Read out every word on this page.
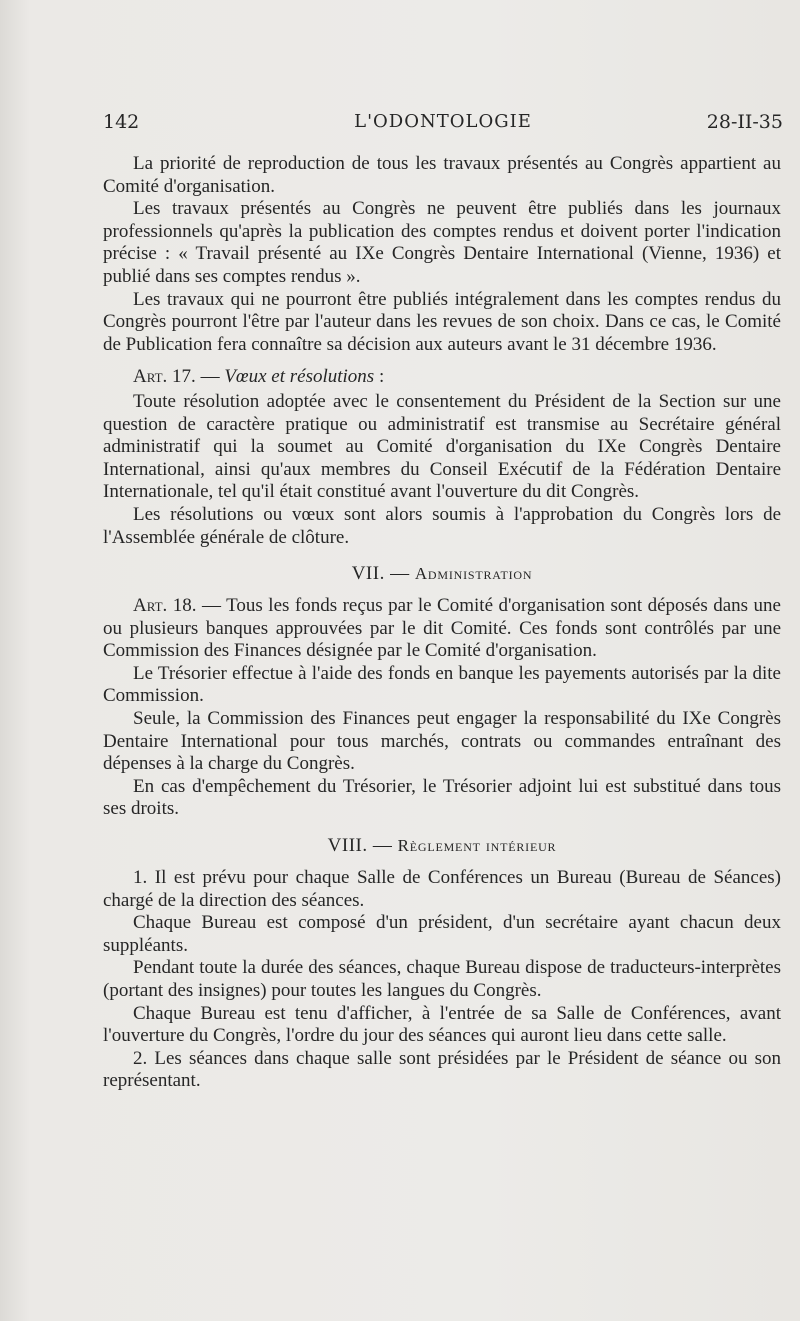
142	L'ODONTOLOGIE	28-II-35

La priorité de reproduction de tous les travaux présentés au Congrès appartient au Comité d'organisation.

Les travaux présentés au Congrès ne peuvent être publiés dans les journaux professionnels qu'après la publication des comptes rendus et doivent porter l'indication précise : « Travail présenté au IXe Congrès Dentaire International (Vienne, 1936) et publié dans ses comptes rendus ».

Les travaux qui ne pourront être publiés intégralement dans les comptes rendus du Congrès pourront l'être par l'auteur dans les revues de son choix. Dans ce cas, le Comité de Publication fera connaître sa décision aux auteurs avant le 31 décembre 1936.

Art. 17. — Vœux et résolutions :

Toute résolution adoptée avec le consentement du Président de la Section sur une question de caractère pratique ou administratif est transmise au Secrétaire général administratif qui la soumet au Comité d'organisation du IXe Congrès Dentaire International, ainsi qu'aux membres du Conseil Exécutif de la Fédération Dentaire Internationale, tel qu'il était constitué avant l'ouverture du dit Congrès.

Les résolutions ou vœux sont alors soumis à l'approbation du Congrès lors de l'Assemblée générale de clôture.

VII. — Administration

Art. 18. — Tous les fonds reçus par le Comité d'organisation sont déposés dans une ou plusieurs banques approuvées par le dit Comité. Ces fonds sont contrôlés par une Commission des Finances désignée par le Comité d'organisation.

Le Trésorier effectue à l'aide des fonds en banque les payements autorisés par la dite Commission.

Seule, la Commission des Finances peut engager la responsabilité du IXe Congrès Dentaire International pour tous marchés, contrats ou commandes entraînant des dépenses à la charge du Congrès.

En cas d'empêchement du Trésorier, le Trésorier adjoint lui est substitué dans tous ses droits.

VIII. — Règlement intérieur

1. Il est prévu pour chaque Salle de Conférences un Bureau (Bureau de Séances) chargé de la direction des séances.

Chaque Bureau est composé d'un président, d'un secrétaire ayant chacun deux suppléants.

Pendant toute la durée des séances, chaque Bureau dispose de traducteurs-interprètes (portant des insignes) pour toutes les langues du Congrès.

Chaque Bureau est tenu d'afficher, à l'entrée de sa Salle de Conférences, avant l'ouverture du Congrès, l'ordre du jour des séances qui auront lieu dans cette salle.

2. Les séances dans chaque salle sont présidées par le Président de séance ou son représentant.
